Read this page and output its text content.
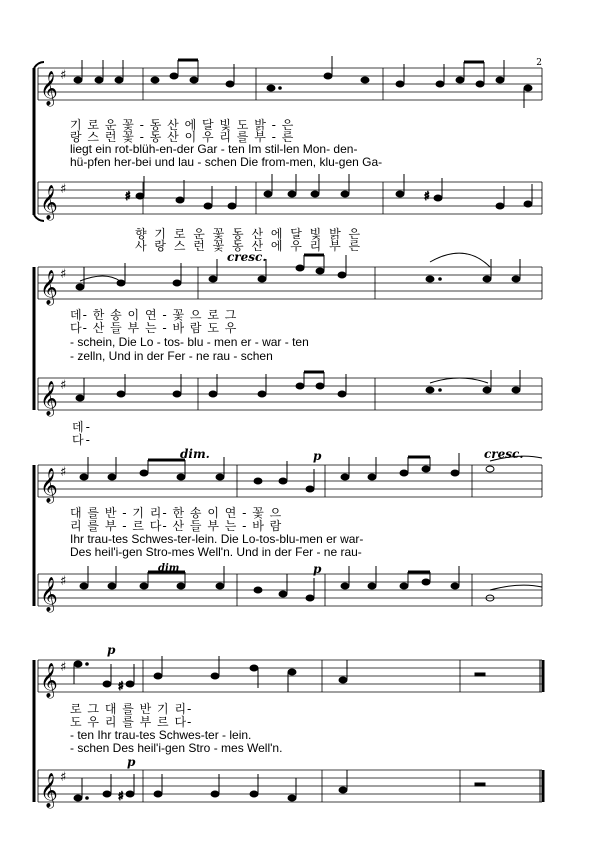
2
𝄞
𝄞
♯
♯	♯	♯
기 로 운 꽃 - 동 산 에 달 빛 도 밝 - 은
랑 스 런 꽃 - 동 산 이 우 리 를 부 - 른
liegt ein rot-blüh-en-der Gar - ten Im stil-len Mon- den-
hü-pfen her-bei und lau - schen Die from-men, klu-gen Ga-
향 기 로 운 꽃 동 산 에 달 빛 밝 은
사 랑 스 런 꽃 동 산 에 우 리 부 른
𝄞
𝄞
♯
♯
cresc.
데- 한 송 이 연 - 꽃 으 로 그
다- 산 들 부 는 - 바 람 도 우
- schein, Die Lo - tos- blu - men er - war - ten
- zelln, Und in der Fer - ne rau - schen
데-
다-
𝄞
𝄞
♯
♯
dim.	p	cresc.
dim	p
대 를 반 - 기 리- 한 송 이 연 - 꽃 으
리 를 부 - 르 다- 산 들 부 는 - 바 람
Ihr trau-tes Schwes-ter-lein. Die Lo-tos-blu-men er war-
Des heil'i-gen Stro-mes Well'n. Und in der Fer - ne rau-
𝄞
𝄞
♯
♯
♯
♯
p
p
로 그 대 를 반 기 리-
도 우 리 를 부 르 다-
- ten Ihr trau-tes Schwes-ter - lein.
- schen Des heil'i-gen Stro - mes Well'n.
